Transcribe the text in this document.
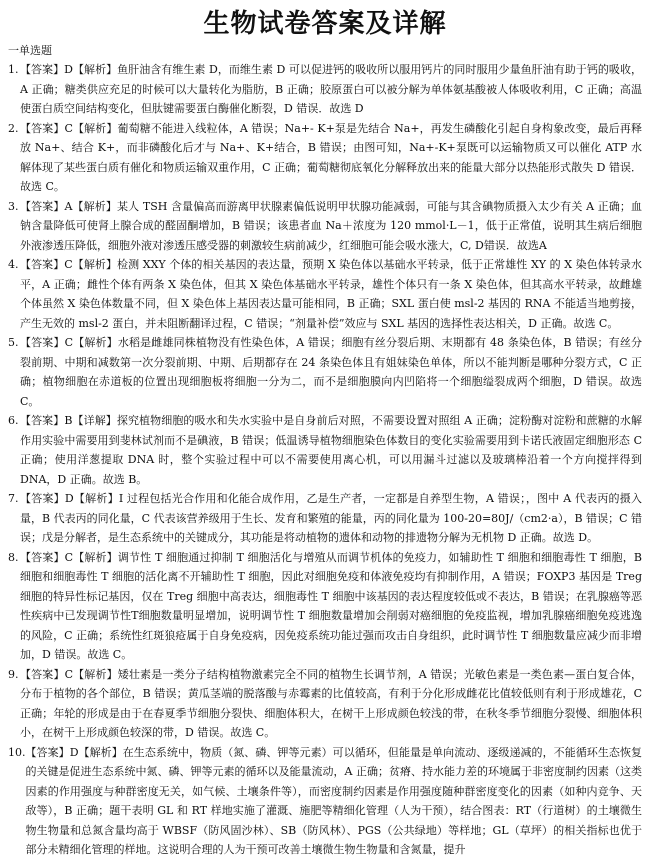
生物试卷答案及详解
一单选题
1. 【答案】D【解析】鱼肝油含有维生素 D，而维生素 D 可以促进钙的吸收所以服用钙片的同时服用少量鱼肝油有助于钙的吸收，A 正确；糖类供应充足的时候可以大量转化为脂肪，B 正确；胶原蛋白可以被分解为单体氨基酸被人体吸收利用，C 正确；高温使蛋白质空间结构变化，但肽键需要蛋白酶催化断裂，D 错误．故选 D
2. 【答案】C【解析】葡萄糖不能进入线粒体，A 错误；Na+- K+泵是先结合 Na+，再发生磷酸化引起自身构象改变，最后再释放 Na+、结合 K+，而非磷酸化后才与 Na+、K+结合，B 错误；由图可知，Na+-K+泵既可以运输物质又可以催化 ATP 水解体现了某些蛋白质有催化和物质运输双重作用，C 正确；葡萄糖彻底氧化分解释放出来的能量大部分以热能形式散失 D 错误．故选 C。
3. 【答案】A【解析】某人 TSH 含量偏高而游离甲状腺素偏低说明甲状腺功能减弱，可能与其含碘物质摄入太少有关 A 正确；血钠含量降低可使肾上腺合成的醛固酮增加，B 错误；该患者血 Na＋浓度为 120 mmol·L－1，低于正常值，说明其生病后细胞外液渗透压降低，细胞外液对渗透压感受器的刺激较生病前减少，红细胞可能会吸水涨大，C, D错误．故选A
4. 【答案】C【解析】检测 XXY 个体的相关基因的表达量，预期 X 染色体以基础水平转录，低于正常雄性 XY 的 X 染色体转录水平，A 正确；雌性个体有两条 X 染色体，但其 X 染色体基础水平转录，雄性个体只有一条 X 染色体，但其高水平转录，故雌雄个体虽然 X 染色体数量不同，但 X 染色体上基因表达量可能相同，B 正确；SXL 蛋白使 msl-2 基因的 RNA 不能适当地剪接，产生无效的 msl-2 蛋白，并未阻断翻译过程，C 错误；“剂量补偿”效应与 SXL 基因的选择性表达相关，D 正确。故选 C。
5. 【答案】C【解析】水稻是雌雄同株植物没有性染色体，A 错误；细胞有丝分裂后期、末期都有 48 条染色体，B 错误；有丝分裂前期、中期和减数第一次分裂前期、中期、后期都存在 24 条染色体且有姐妹染色单体，所以不能判断是哪种分裂方式，C 正确；植物细胞在赤道板的位置出现细胞板将细胞一分为二，而不是细胞膜向内凹陷将一个细胞缢裂成两个细胞，D 错误。故选 C。
6. 【答案】B【详解】探究植物细胞的吸水和失水实验中是自身前后对照，不需要设置对照组 A 正确；淀粉酶对淀粉和蔗糖的水解作用实验中需要用到斐林试剂而不是碘液，B 错误；低温诱导植物细胞染色体数目的变化实验需要用到卡诺氏液固定细胞形态 C 正确；使用洋葱提取 DNA 时，整个实验过程中可以不需要使用离心机，可以用漏斗过滤以及玻璃棒沿着一个方向搅拌得到 DNA，D 正确。故选 B。
7. 【答案】D【解析】I 过程包括光合作用和化能合成作用，乙是生产者，一定都是自养型生物，A 错误；，图中 A 代表丙的摄入量，B 代表丙的同化量，C 代表该营养级用于生长、发育和繁殖的能量，丙的同化量为 100-20=80J/（cm2·a），B 错误；C 错误；戊是分解者，是生态系统中的关键成分，其功能是将动植物的遗体和动物的排遗物分解为无机物 D 正确。故选 D。
8. 【答案】C【解析】调节性 T 细胞通过抑制 T 细胞活化与增殖从而调节机体的免疫力，如辅助性 T 细胞和细胞毒性 T 细胞，B 细胞和细胞毒性 T 细胞的活化离不开辅助性 T 细胞，因此对细胞免疫和体液免疫均有抑制作用，A 错误；FOXP3 基因是 Treg 细胞的特异性标记基因，仅在 Treg 细胞中高表达，细胞毒性 T 细胞中该基因的表达程度较低或不表达，B 错误；在乳腺癌等恶性疾病中已发现调节性T细胞数量明显增加，说明调节性 T 细胞数量增加会削弱对癌细胞的免疫监视，增加乳腺癌细胞免疫逃逸的风险，C 正确；系统性红斑狼疮属于自身免疫病，因免疫系统功能过强而攻击自身组织，此时调节性 T 细胞数量应减少而非增加，D 错误。故选 C。
9. 【答案】C【解析】矮壮素是一类分子结构植物激素完全不同的植物生长调节剂，A 错误；光敏色素是一类色素—蛋白复合体，分布于植物的各个部位，B 错误；黄瓜茎端的脱落酸与赤霉素的比值较高，有利于分化形成雌花比值较低则有利于形成雄花，C 正确；年轮的形成是由于在春夏季节细胞分裂快、细胞体积大，在树干上形成颜色较浅的带，在秋冬季节细胞分裂慢、细胞体积小，在树干上形成颜色较深的带，D 错误。故选 C。
10. 【答案】D【解析】在生态系统中，物质（氮、磷、钾等元素）可以循环，但能量是单向流动、逐级递减的，不能循环生态恢复的关键是促进生态系统中氮、磷、钾等元素的循环以及能量流动，A 正确；贫瘠、持水能力差的环境属于非密度制约因素（这类因素的作用强度与种群密度无关，如气候、土壤条件等），而密度制约因素是作用强度随种群密度变化的因素（如种内竞争、天敌等），B 正确；题干表明 GL 和 RT 样地实施了灌溉、施肥等精细化管理（人为干预），结合图表：RT（行道树）的土壤微生物生物量和总氮含量均高于 WBSF（防风固沙林）、SB（防风林）、PGS（公共绿地）等样地；GL（草坪）的相关指标也优于部分未精细化管理的样地。这说明合理的人为干预可改善土壤微生物生物量和含氮量，提升
